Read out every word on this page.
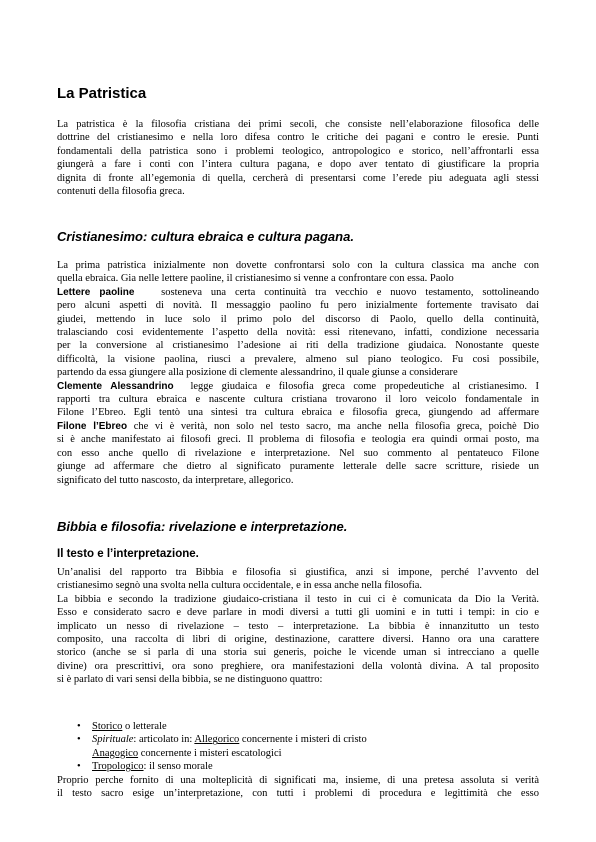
La Patristica

La patristica è la filosofia cristiana dei primi secoli, che consiste nell’elaborazione filosofica delle

dottrine del cristianesimo e nella loro difesa contro le critiche dei pagani e contro le eresie. Punti

fondamentali della patristica sono i problemi teologico, antropologico e storico, nell’affrontarli essa

giungerà a fare i conti con l’intera cultura pagana, e dopo aver tentato di giustificare la propria

dignita di fronte all’egemonia di quella, cercherà di presentarsi come l’erede piu adeguata agli stessi

contenuti della filosofia greca.

Cristianesimo: cultura ebraica e cultura pagana.

La prima patristica inizialmente non dovette confrontarsi solo con la cultura classica ma anche con

quella ebraica. Gia nelle lettere paoline, il cristianesimo si venne a confrontare con essa. Paolo

Lettere paoline	sosteneva una certa continuità tra vecchio e nuovo testamento, sottolineando

pero alcuni aspetti di novità. Il messaggio paolino fu pero inizialmente fortemente travisato dai

giudei, mettendo in luce solo il primo polo del discorso di Paolo, quello della continuità,

tralasciando cosi evidentemente l’aspetto della novità: essi ritenevano, infatti, condizione necessaria

per la conversione al cristianesimo l’adesione ai riti della tradizione giudaica. Nonostante queste

difficoltà, la visione paolina, riusci a prevalere, almeno sul piano teologico. Fu cosi possibile,

partendo da essa giungere alla posizione di clemente alessandrino, il quale giunse a considerare

Clemente Alessandrino legge giudaica e filosofia greca come propedeutiche al cristianesimo. I

rapporti tra cultura ebraica e nascente cultura cristiana trovarono il loro veicolo fondamentale in

Filone l’Ebreo. Egli tentò una sintesi tra cultura ebraica e filosofia greca, giungendo ad affermare

Filone l’Ebreo che vi è verità, non solo nel testo sacro, ma anche nella filosofia greca, poichè Dio

si è anche manifestato ai filosofi greci. Il problema di filosofia e teologia era quindi ormai posto, ma

con esso anche quello di rivelazione e interpretazione. Nel suo commento al pentateuco Filone

giunge ad affermare che dietro al significato puramente letterale delle sacre scritture, risiede un

significato del tutto nascosto, da interpretare, allegorico.

Bibbia e filosofia: rivelazione e interpretazione.
Il testo e l’interpretazione.

Un’analisi del rapporto tra Bibbia e filosofia si giustifica, anzi si impone, perché l’avvento del

cristianesimo segnò una svolta nella cultura occidentale, e in essa anche nella filosofia.

La bibbia e secondo la tradizione giudaico-cristiana il testo in cui ci è comunicata da Dio la Verità.

Esso e considerato sacro e deve parlare in modi diversi a tutti gli uomini e in tutti i tempi: in cio e

implicato un nesso di rivelazione – testo – interpretazione. La bibbia è innanzitutto un testo

composito, una raccolta di libri di origine, destinazione, carattere diversi. Hanno ora una carattere

storico (anche se si parla di una storia sui generis, poiche le vicende uman si intrecciano a quelle

divine) ora prescrittivi, ora sono preghiere, ora manifestazioni della volontà divina. A tal proposito

si è parlato di vari sensi della bibbia, se ne distinguono quattro:

• Storico o letterale
• Spirituale: articolato in: Allegorico concernente i misteri di cristo
Anagogico concernente i misteri escatologici
• Tropologico: il senso morale

Proprio perche fornito di una molteplicità di significati ma, insieme, di una pretesa assoluta si verità

il testo sacro esige un’interpretazione, con tutti i problemi di procedura e legittimità che esso
